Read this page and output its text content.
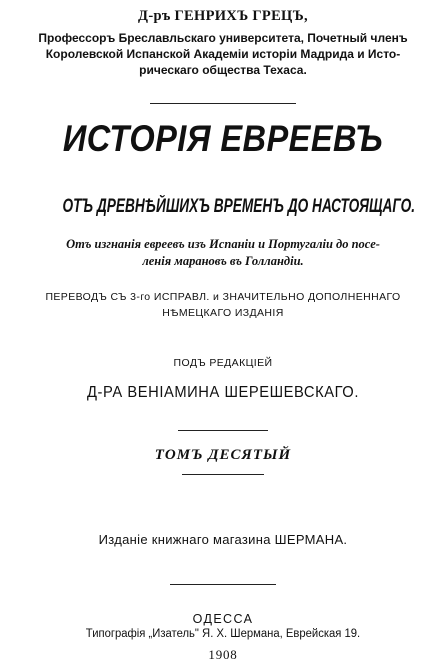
Д-ръ ГЕНРИХЪ ГРЕЦЪ,
Профессоръ Бреславльскаго университета, Почетный членъ
Королевской Испанской Академіи исторіи Мадрида и Исто-
рическаго общества Техаса.
ИСТОРІЯ ЕВРЕЕВЪ
ОТЪ ДРЕВНѢЙШИХЪ ВРЕМЕНЪ ДО НАСТОЯЩАГО.
Отъ изгнанія евреевъ изъ Испаніи и Португаліи до посе-
ленія марановъ въ Голландіи.
ПЕРЕВОДЪ СЪ 3-го ИСПРАВЛ. и ЗНАЧИТЕЛЬНО ДОПОЛНЕННАГО
НѢМЕЦКАГО ИЗДАНІЯ
ПОДЪ РЕДАКЦІЕЙ
Д-РА ВЕНІАМИНА ШЕРЕШЕВСКАГО.
ТОМЪ ДЕСЯТЫЙ
Изданіе книжнаго магазина ШЕРМАНА.
ОДЕССА
Типографія „Изатель" Я. Х. Шермана, Еврейская 19.
1908
